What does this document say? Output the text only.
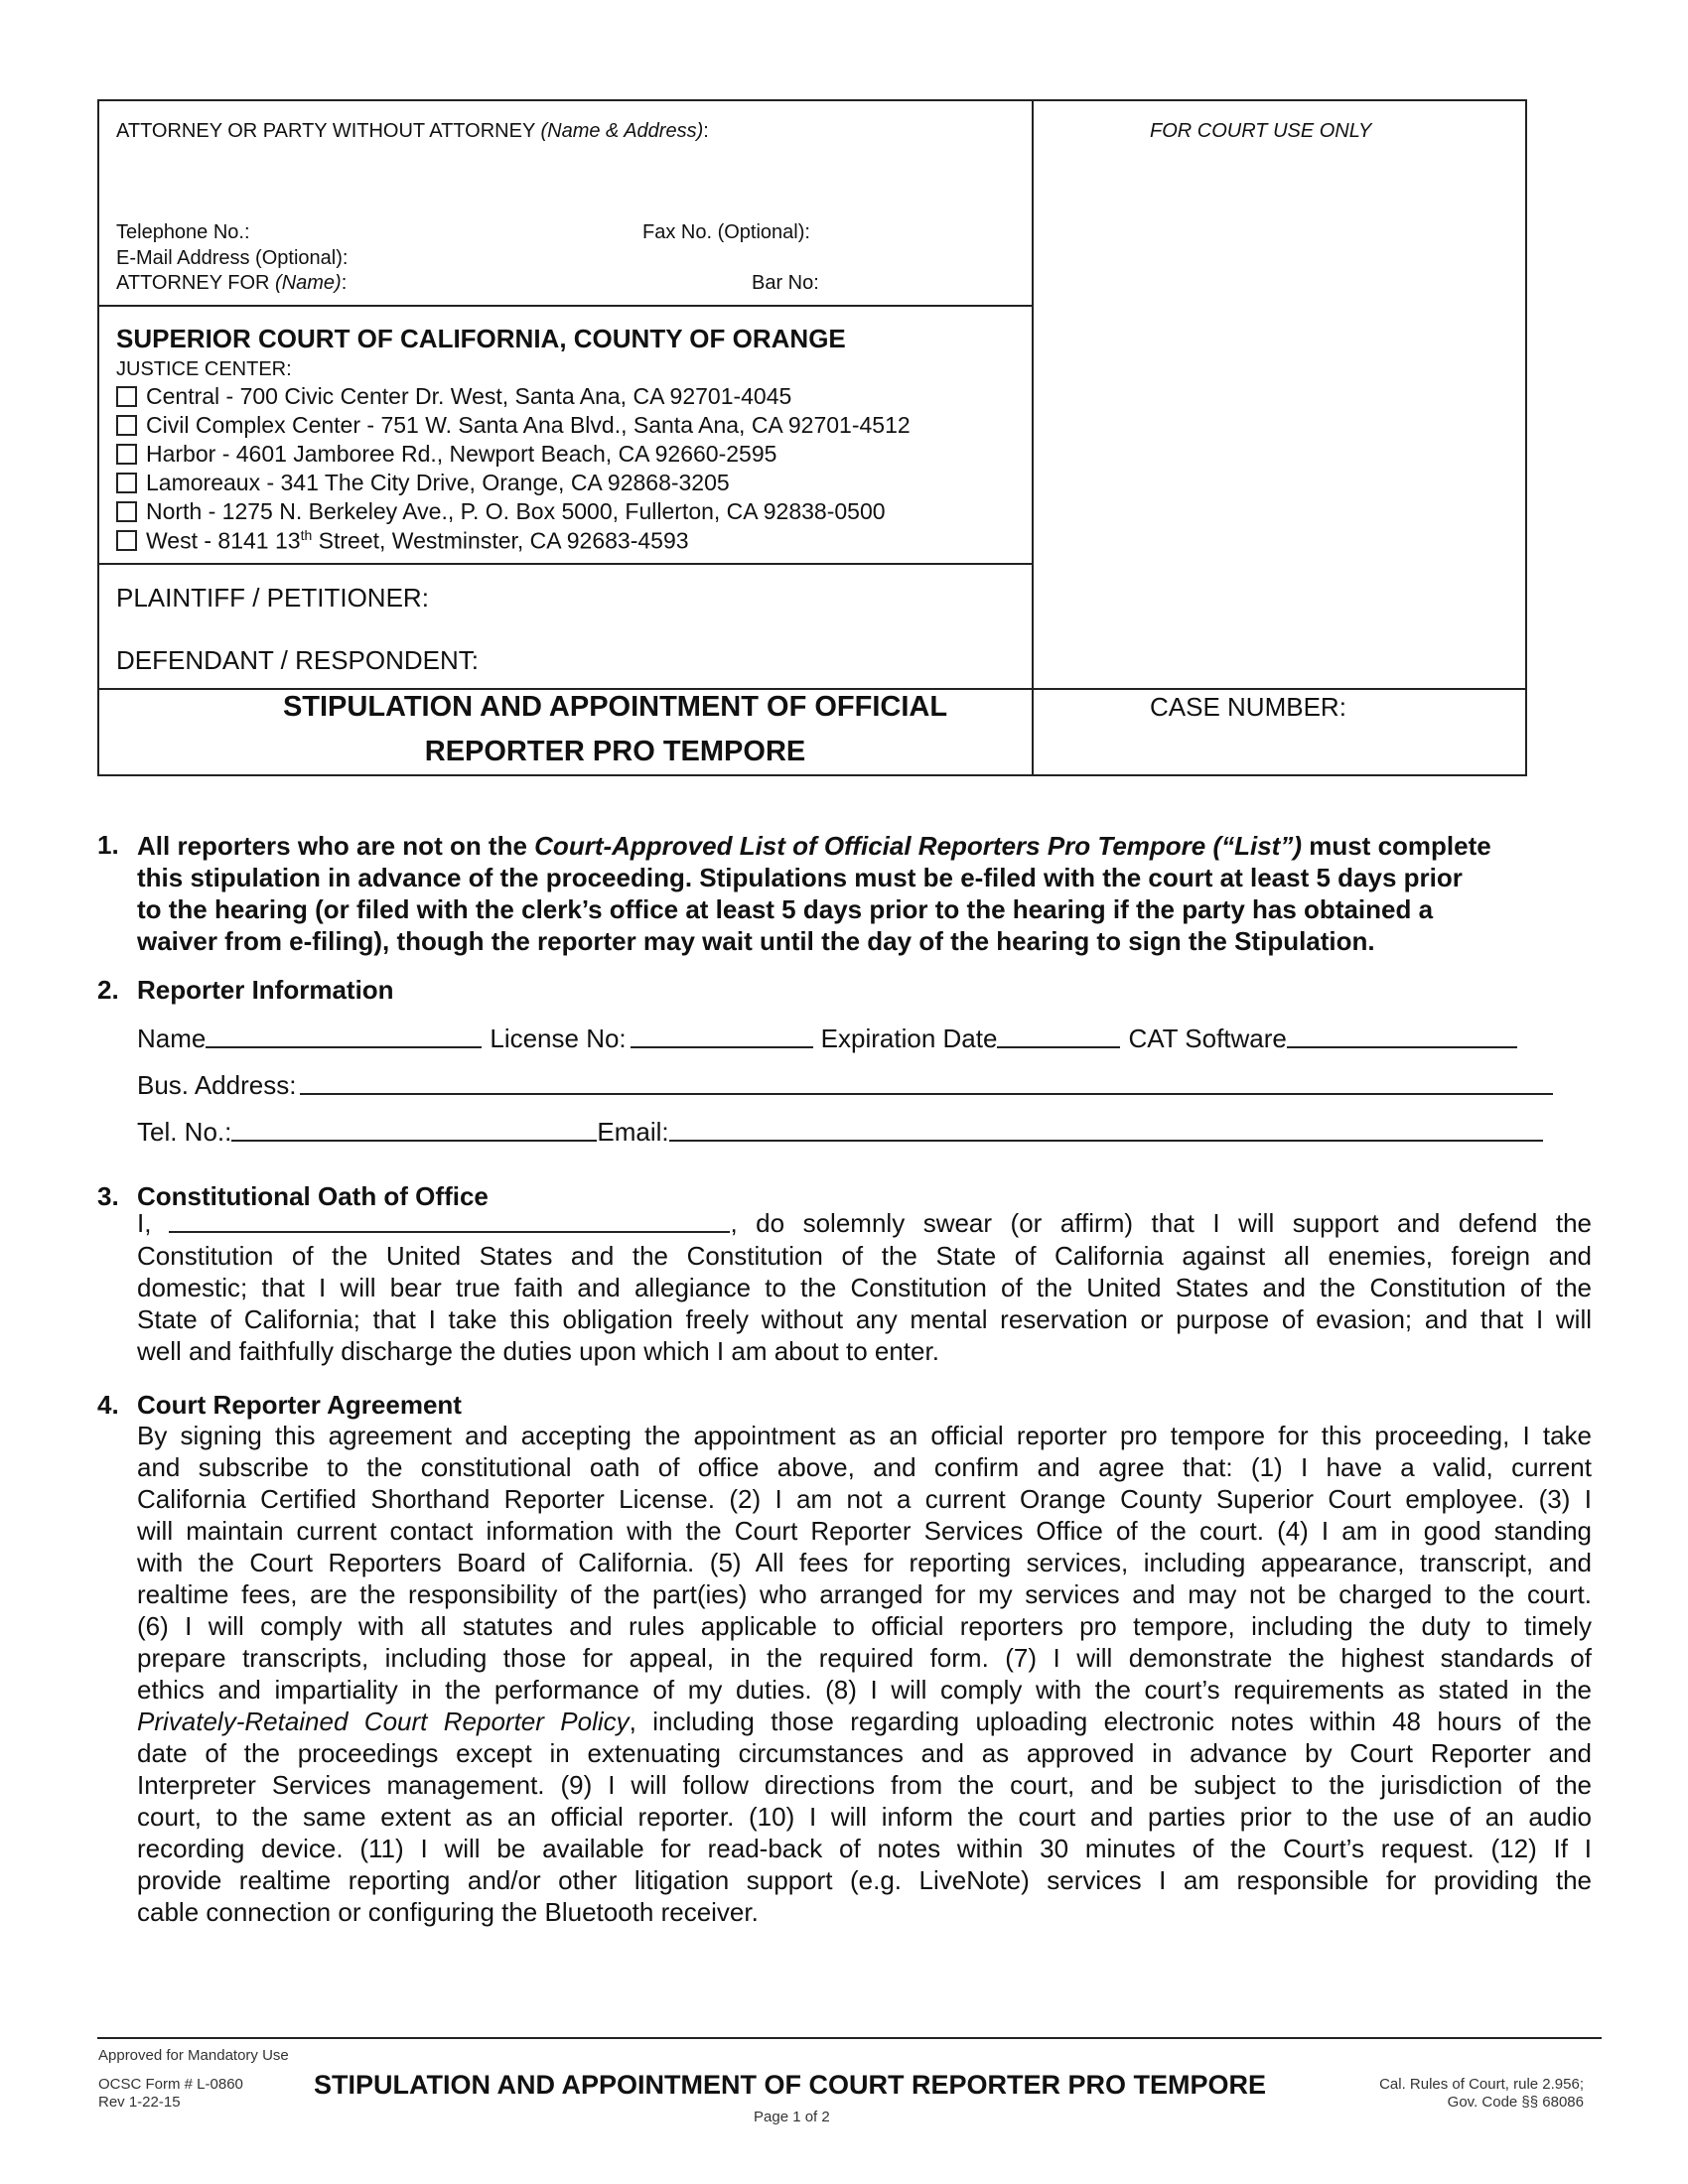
ATTORNEY OR PARTY WITHOUT ATTORNEY (Name & Address):	FOR COURT USE ONLY
Telephone No.:	Fax No. (Optional):
E-Mail Address (Optional):
ATTORNEY FOR (Name):	Bar No:
SUPERIOR COURT OF CALIFORNIA, COUNTY OF ORANGE
JUSTICE CENTER:
Central - 700 Civic Center Dr. West, Santa Ana, CA 92701-4045
Civil Complex Center - 751 W. Santa Ana Blvd., Santa Ana, CA 92701-4512
Harbor - 4601 Jamboree Rd., Newport Beach, CA 92660-2595
Lamoreaux - 341 The City Drive, Orange, CA 92868-3205
North - 1275 N. Berkeley Ave., P. O. Box 5000, Fullerton, CA 92838-0500
West - 8141 13th Street, Westminster, CA 92683-4593
PLAINTIFF / PETITIONER:
DEFENDANT / RESPONDENT:
STIPULATION AND APPOINTMENT OF OFFICIAL
REPORTER PRO TEMPORE
CASE NUMBER:
1. All reporters who are not on the Court-Approved List of Official Reporters Pro Tempore (“List”) must complete
this stipulation in advance of the proceeding. Stipulations must be e-filed with the court at least 5 days prior
to the hearing (or filed with the clerk’s office at least 5 days prior to the hearing if the party has obtained a
waiver from e-filing), though the reporter may wait until the day of the hearing to sign the Stipulation.
2. Reporter Information
Name	License No:	Expiration Date	CAT Software
Bus. Address:
Tel. No.:	Email:
3. Constitutional Oath of Office
I,	, do solemnly swear (or affirm) that I will support and defend the
Constitution of the United States and the Constitution of the State of California against all enemies, foreign and
domestic; that I will bear true faith and allegiance to the Constitution of the United States and the Constitution of the
State of California; that I take this obligation freely without any mental reservation or purpose of evasion; and that I will
well and faithfully discharge the duties upon which I am about to enter.
4. Court Reporter Agreement
By signing this agreement and accepting the appointment as an official reporter pro tempore for this proceeding, I take
and subscribe to the constitutional oath of office above, and confirm and agree that: (1) I have a valid, current
California Certified Shorthand Reporter License. (2) I am not a current Orange County Superior Court employee. (3) I
will maintain current contact information with the Court Reporter Services Office of the court. (4) I am in good standing
with the Court Reporters Board of California. (5) All fees for reporting services, including appearance, transcript, and
realtime fees, are the responsibility of the part(ies) who arranged for my services and may not be charged to the court.
(6) I will comply with all statutes and rules applicable to official reporters pro tempore, including the duty to timely
prepare transcripts, including those for appeal, in the required form. (7) I will demonstrate the highest standards of
ethics and impartiality in the performance of my duties. (8) I will comply with the court’s requirements as stated in the
Privately-Retained Court Reporter Policy, including those regarding uploading electronic notes within 48 hours of the
date of the proceedings except in extenuating circumstances and as approved in advance by Court Reporter and
Interpreter Services management. (9) I will follow directions from the court, and be subject to the jurisdiction of the
court, to the same extent as an official reporter. (10) I will inform the court and parties prior to the use of an audio
recording device. (11) I will be available for read-back of notes within 30 minutes of the Court’s request. (12) If I
provide realtime reporting and/or other litigation support (e.g. LiveNote) services I am responsible for providing the
cable connection or configuring the Bluetooth receiver.
Approved for Mandatory Use
OCSC Form # L-0860
Rev 1-22-15
STIPULATION AND APPOINTMENT OF COURT REPORTER PRO TEMPORE	Cal. Rules of Court, rule 2.956;
Gov. Code §§ 68086
Page 1 of 2
